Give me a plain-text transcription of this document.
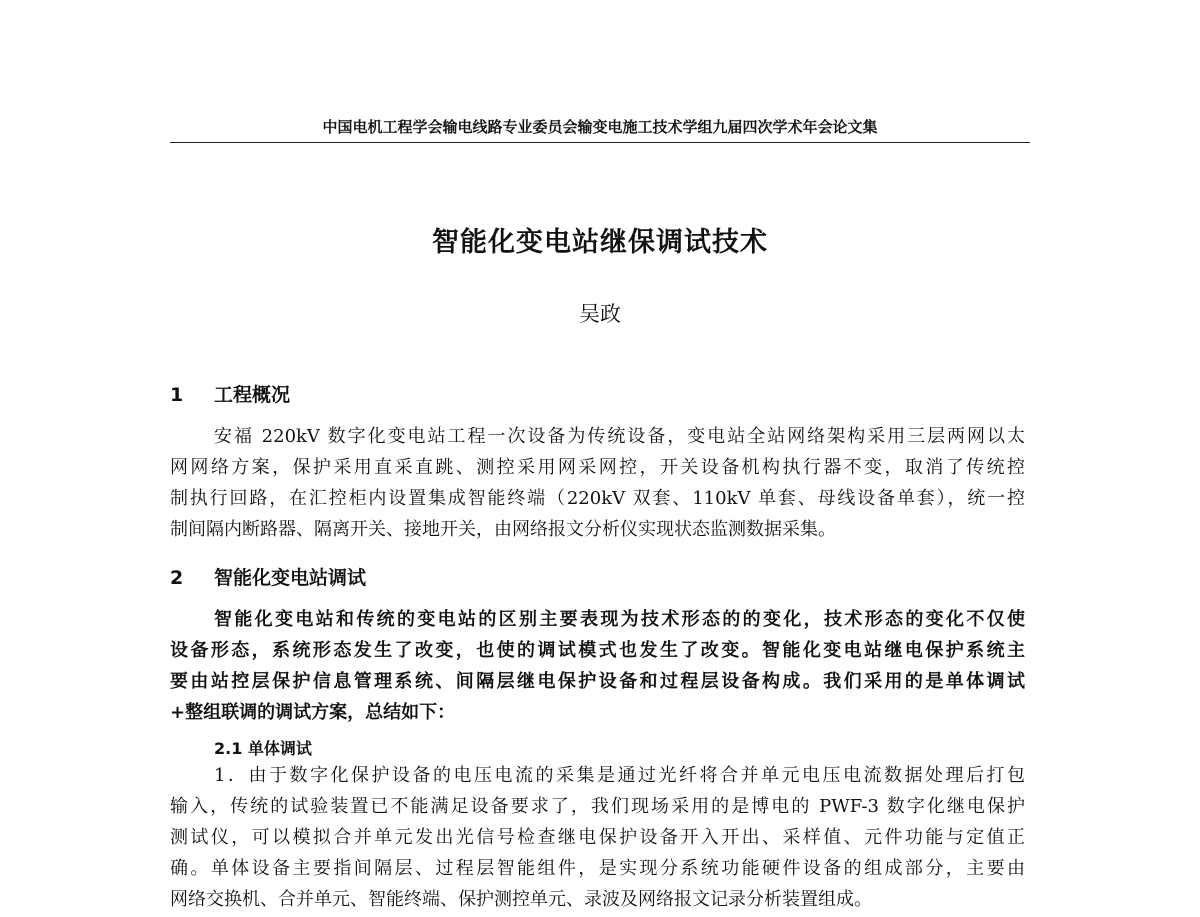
中国电机工程学会输电线路专业委员会输变电施工技术学组九届四次学术年会论文集
智能化变电站继保调试技术
吴政
1 工程概况
安福 220kV 数字化变电站工程一次设备为传统设备，变电站全站网络架构采用三层两网以太
网网络方案，保护采用直采直跳、测控采用网采网控，开关设备机构执行器不变，取消了传统控
制执行回路，在汇控柜内设置集成智能终端（220kV 双套、110kV 单套、母线设备单套），统一控
制间隔内断路器、隔离开关、接地开关，由网络报文分析仪实现状态监测数据采集。
2 智能化变电站调试
智能化变电站和传统的变电站的区别主要表现为技术形态的的变化，技术形态的变化不仅使
设备形态，系统形态发生了改变，也使的调试模式也发生了改变。智能化变电站继电保护系统主
要由站控层保护信息管理系统、间隔层继电保护设备和过程层设备构成。我们采用的是单体调试
+整组联调的调试方案，总结如下：
2.1 单体调试
1．由于数字化保护设备的电压电流的采集是通过光纤将合并单元电压电流数据处理后打包
输入，传统的试验装置已不能满足设备要求了，我们现场采用的是博电的 PWF-3 数字化继电保护
测试仪，可以模拟合并单元发出光信号检查继电保护设备开入开出、采样值、元件功能与定值正
确。单体设备主要指间隔层、过程层智能组件，是实现分系统功能硬件设备的组成部分，主要由
网络交换机、合并单元、智能终端、保护测控单元、录波及网络报文记录分析装置组成。
